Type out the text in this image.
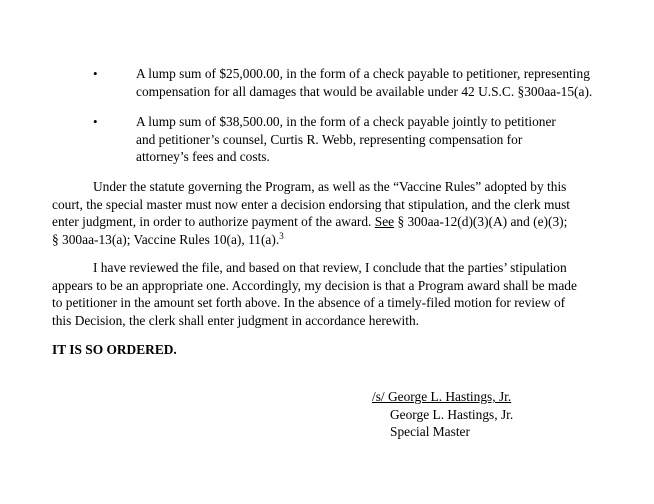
•	A lump sum of $25,000.00, in the form of a check payable to petitioner, representing
compensation for all damages that would be available under 42 U.S.C. §300aa-15(a).
•	A lump sum of $38,500.00, in the form of a check payable jointly to petitioner
and petitioner’s counsel, Curtis R. Webb, representing compensation for
attorney’s fees and costs.
Under the statute governing the Program, as well as the “Vaccine Rules” adopted by this
court, the special master must now enter a decision endorsing that stipulation, and the clerk must
enter judgment, in order to authorize payment of the award. See § 300aa-12(d)(3)(A) and (e)(3);
§ 300aa-13(a); Vaccine Rules 10(a), 11(a).$^3$
I have reviewed the file, and based on that review, I conclude that the parties’ stipulation
appears to be an appropriate one. Accordingly, my decision is that a Program award shall be made
to petitioner in the amount set forth above. In the absence of a timely-filed motion for review of
this Decision, the clerk shall enter judgment in accordance herewith.
IT IS SO ORDERED.
/s/ George L. Hastings, Jr.
George L. Hastings, Jr.
Special Master
